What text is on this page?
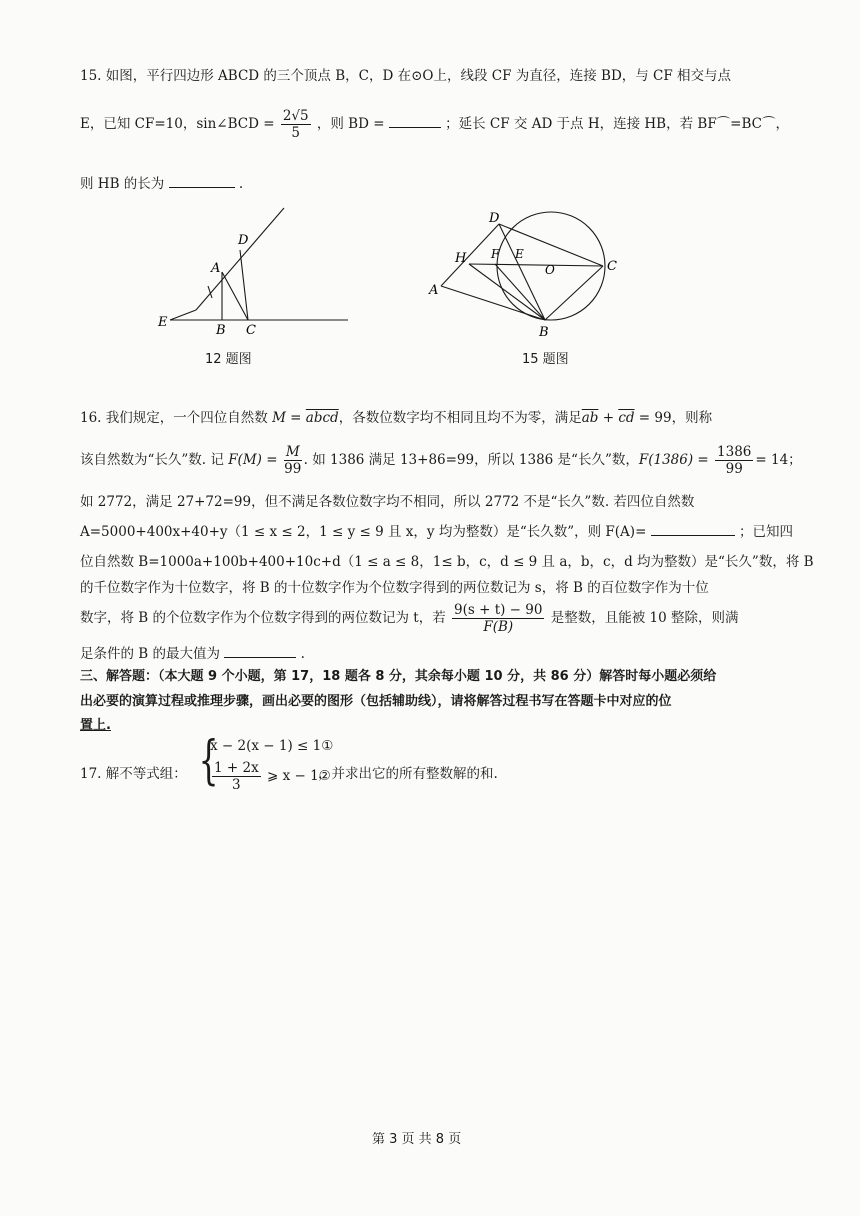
15. 如图，平行四边形 ABCD 的三个顶点 B，C，D 在⊙O上，线段 CF 为直径，连接 BD，与 CF 相交与点
E，已知 CF=10，sin∠BCD = $\frac{2√5}{5}$ ，则 BD =	；延长 CF 交 AD 于点 H，连接 HB，若 BF⌒=BC⌒，
则 HB 的长为	.
D
A
E
B C
12 题图
D
H F E
O	C
A
B
15 题图
16. 我们规定，一个四位自然数 M = abcd，各数位数字均不相同且均不为零，满足$\overline{ab} + \overline{cd} = 99$，则称
该自然数为“长久”数. 记 $F(M) = \frac{M}{99}$ . 如 1386 满足 13+86=99，所以 1386 是“长久”数，$F(1386) = \frac{1386}{99} = 14$；
如 2772，满足 27+72=99，但不满足各数位数字均不相同，所以 2772 不是“长久”数. 若四位自然数
A=5000+400x+40+y（1 ≤ x ≤ 2，1 ≤ y ≤ 9 且 x，y 均为整数）是“长久数”，则 F(A)=	；已知四
位自然数 B=1000a+100b+400+10c+d（1 ≤ a ≤ 8，1≤ b，c，d ≤ 9 且 a，b，c，d 均为整数）是“长久”数，将 B
的千位数字作为十位数字，将 B 的十位数字作为个位数字得到的两位数记为 s，将 B 的百位数字作为十位
数字，将 B 的个位数字作为个位数字得到的两位数记为 t，若 $\frac{9(s + t) - 90}{F(B)}$ 是整数，且能被 10 整除，则满
足条件的 B 的最大值为	.
三、解答题：（本大题 9 个小题，第 17，18 题各 8 分，其余每小题 10 分，共 86 分）解答时每小题必须给
出必要的演算过程或推理步骤，画出必要的图形（包括辅助线），请将解答过程书写在答题卡中对应的位
置上.
17. 解不等式组： {
x − 2(x − 1) ≤ 1①
$\frac{1 + 2x}{3}$ ⩾ x − 1②
，并求出它的所有整数解的和.
第 3 页 共 8 页
